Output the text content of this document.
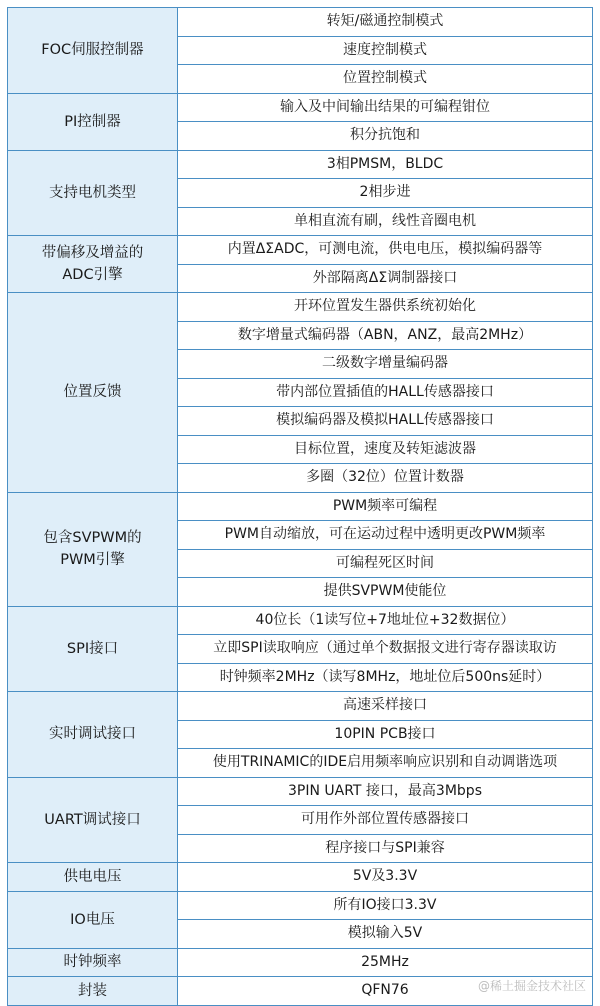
FOC伺服控制器	转矩/磁通控制模式
	速度控制模式
	位置控制模式
PI控制器	输入及中间输出结果的可编程钳位
	积分抗饱和
支持电机类型	3相PMSM，BLDC
	2相步进
	单相直流有刷，线性音圈电机
带偏移及增益的
ADC引擎	内置ΔΣADC，可测电流，供电电压，模拟编码器等
	外部隔离ΔΣ调制器接口
位置反馈	开环位置发生器供系统初始化
	数字增量式编码器（ABN，ANZ，最高2MHz）
	二级数字增量编码器
	带内部位置插值的HALL传感器接口
	模拟编码器及模拟HALL传感器接口
	目标位置，速度及转矩滤波器
	多圈（32位）位置计数器
包含SVPWM的
PWM引擎	PWM频率可编程
	PWM自动缩放，可在运动过程中透明更改PWM频率
	可编程死区时间
	提供SVPWM使能位
SPI接口	40位长（1读写位+7地址位+32数据位）
	立即SPI读取响应（通过单个数据报文进行寄存器读取访
	时钟频率2MHz（读写8MHz，地址位后500ns延时）
实时调试接口	高速采样接口
	10PIN PCB接口
	使用TRINAMIC的IDE启用频率响应识别和自动调谐选项
UART调试接口	3PIN UART 接口，最高3Mbps
	可用作外部位置传感器接口
	程序接口与SPI兼容
供电电压	5V及3.3V
IO电压	所有IO接口3.3V
	模拟输入5V
时钟频率	25MHz
封装	QFN76	@稀土掘金技术社区
